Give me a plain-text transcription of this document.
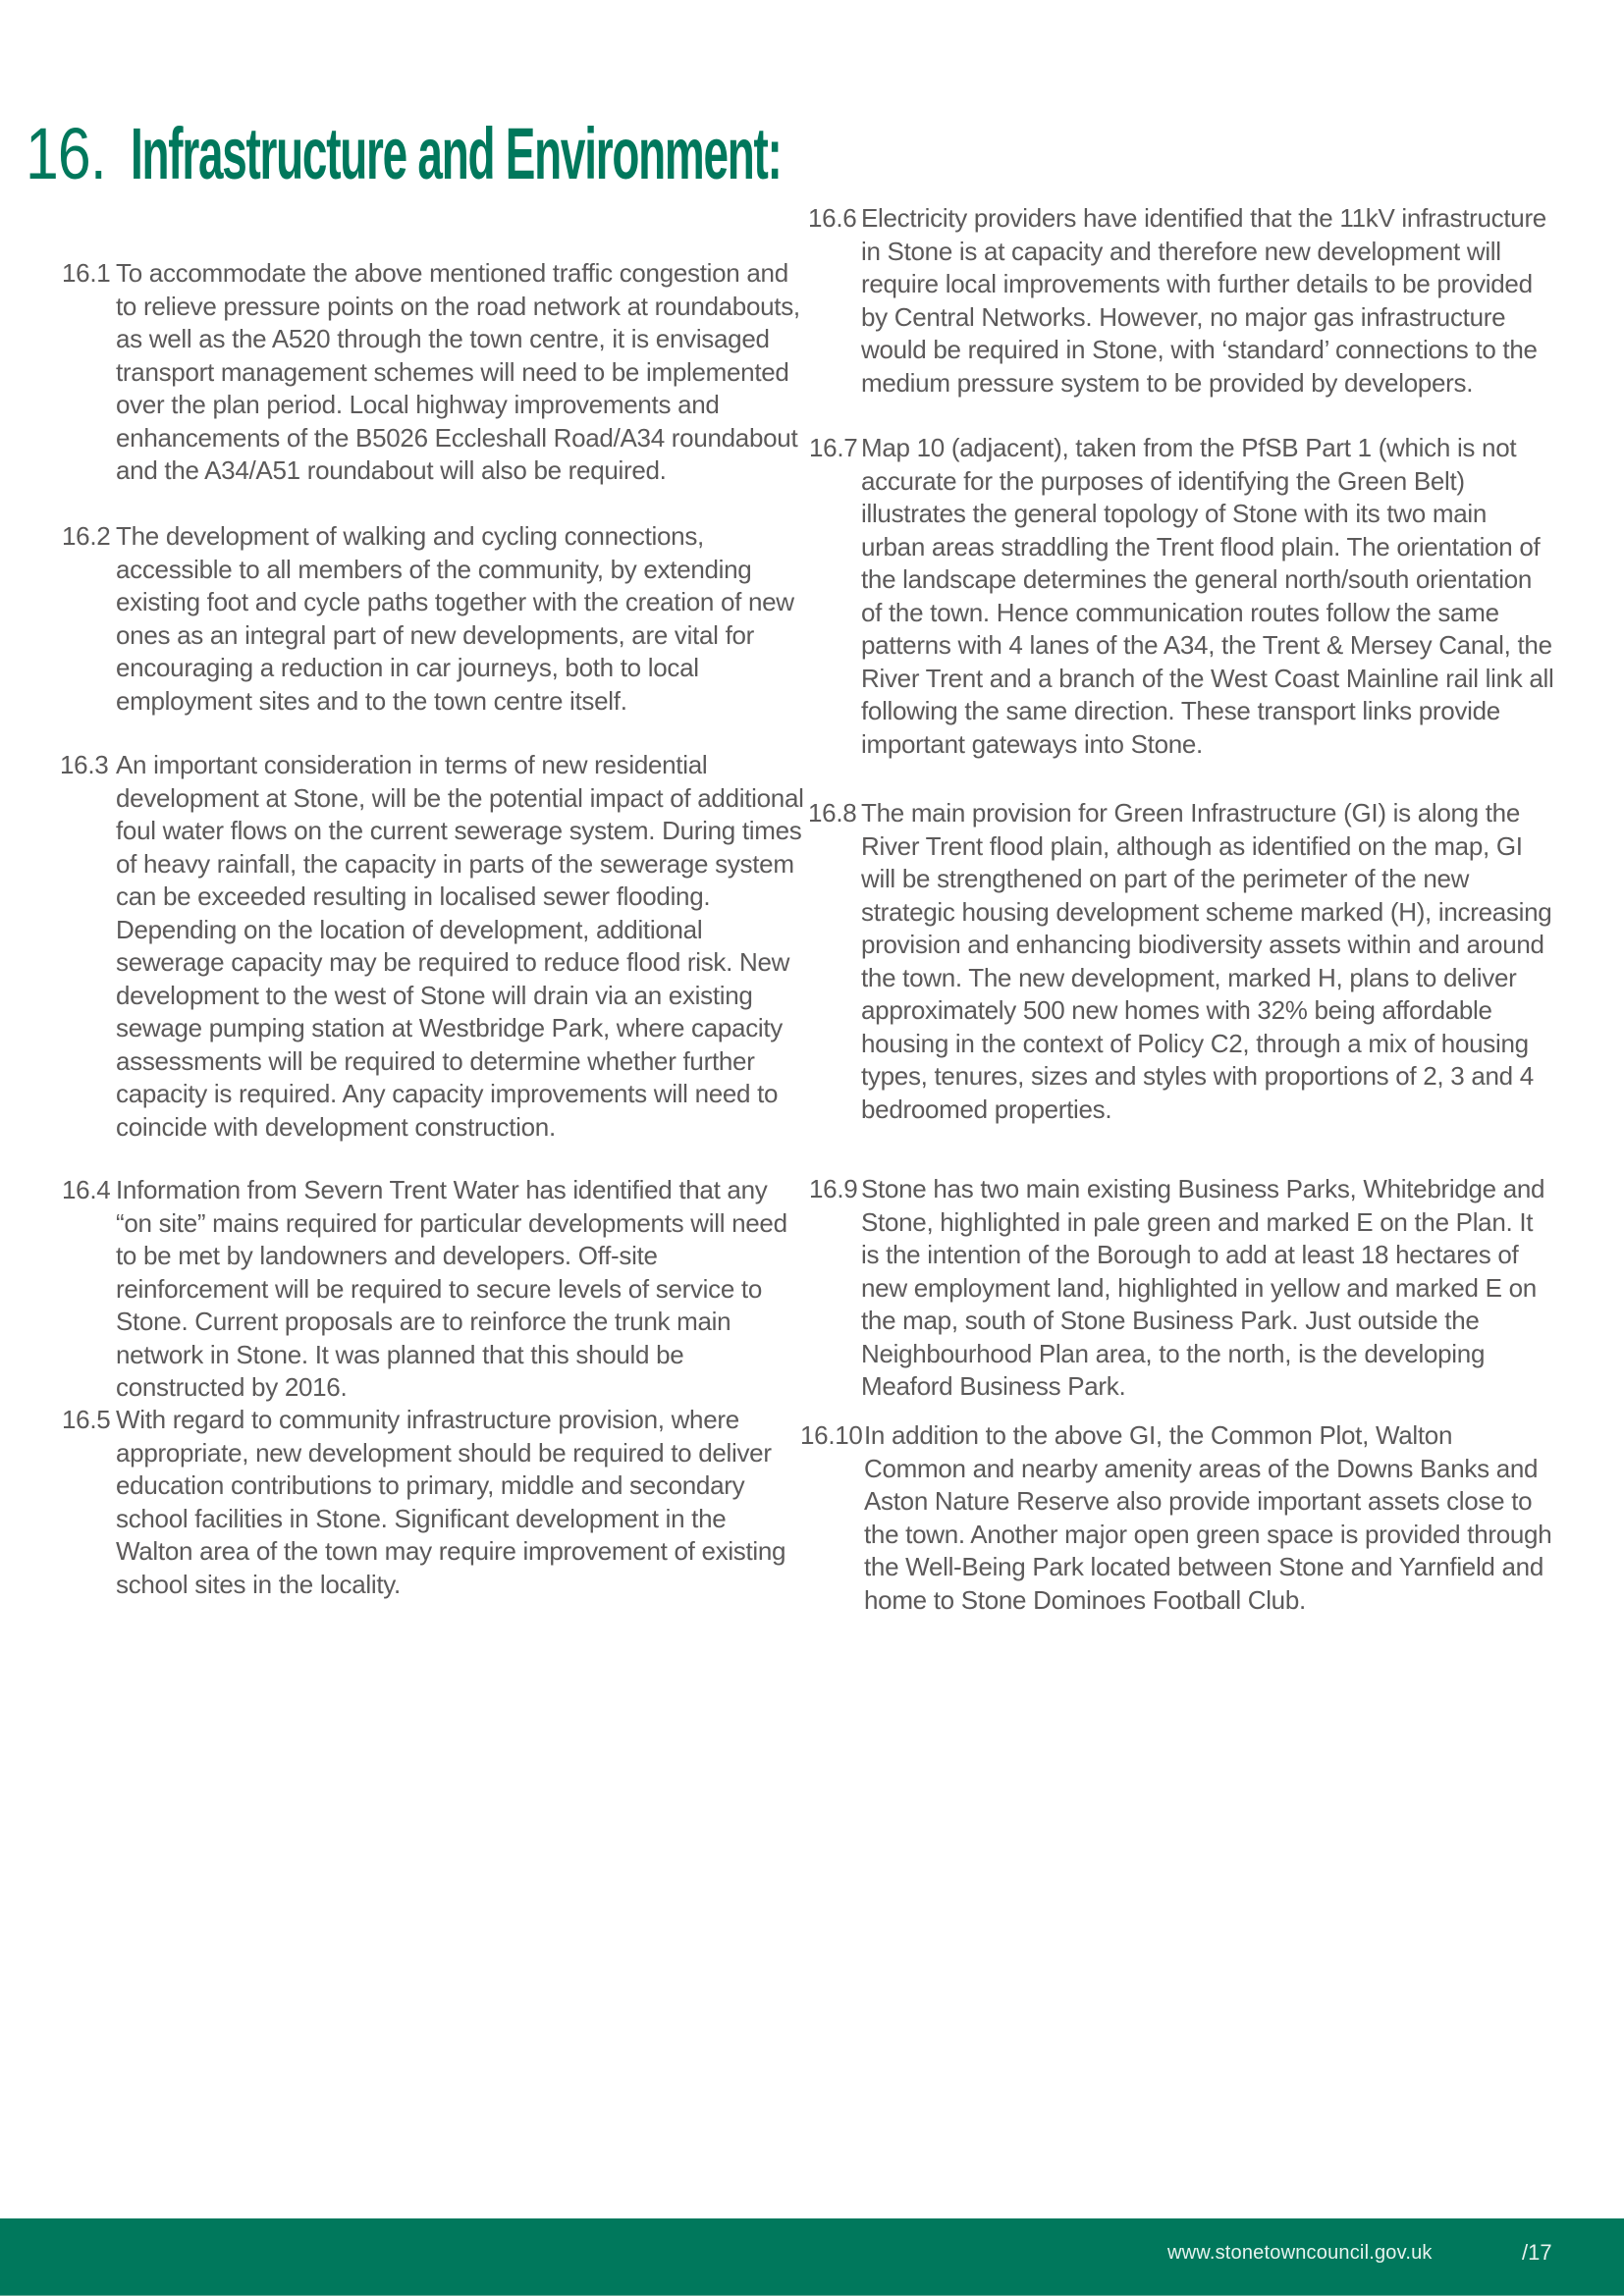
16. Infrastructure and Environment:
16.1 To accommodate the above mentioned traffic congestion and to relieve pressure points on the road network at roundabouts, as well as the A520 through the town centre, it is envisaged transport management schemes will need to be implemented over the plan period. Local highway improvements and enhancements of the B5026 Eccleshall Road/A34 roundabout and the A34/A51 roundabout will also be required.
16.2 The development of walking and cycling connections, accessible to all members of the community, by extending existing foot and cycle paths together with the creation of new ones as an integral part of new developments, are vital for encouraging a reduction in car journeys, both to local employment sites and to the town centre itself.
16.3 An important consideration in terms of new residential development at Stone, will be the potential impact of additional foul water flows on the current sewerage system. During times of heavy rainfall, the capacity in parts of the sewerage system can be exceeded resulting in localised sewer flooding. Depending on the location of development, additional sewerage capacity may be required to reduce flood risk. New development to the west of Stone will drain via an existing sewage pumping station at Westbridge Park, where capacity assessments will be required to determine whether further capacity is required. Any capacity improvements will need to coincide with development construction.
16.4 Information from Severn Trent Water has identified that any “on site” mains required for particular developments will need to be met by landowners and developers. Off-site reinforcement will be required to secure levels of service to Stone. Current proposals are to reinforce the trunk main network in Stone. It was planned that this should be constructed by 2016.
16.5 With regard to community infrastructure provision, where appropriate, new development should be required to deliver education contributions to primary, middle and secondary school facilities in Stone. Significant development in the Walton area of the town may require improvement of existing school sites in the locality.
16.6 Electricity providers have identified that the 11kV infrastructure in Stone is at capacity and therefore new development will require local improvements with further details to be provided by Central Networks. However, no major gas infrastructure would be required in Stone, with ‘standard’ connections to the medium pressure system to be provided by developers.
16.7 Map 10 (adjacent), taken from the PfSB Part 1 (which is not accurate for the purposes of identifying the Green Belt) illustrates the general topology of Stone with its two main urban areas straddling the Trent flood plain. The orientation of the landscape determines the general north/south orientation of the town. Hence communication routes follow the same patterns with 4 lanes of the A34, the Trent & Mersey Canal, the River Trent and a branch of the West Coast Mainline rail link all following the same direction. These transport links provide important gateways into Stone.
16.8 The main provision for Green Infrastructure (GI) is along the River Trent flood plain, although as identified on the map, GI will be strengthened on part of the perimeter of the new strategic housing development scheme marked (H), increasing provision and enhancing biodiversity assets within and around the town. The new development, marked H, plans to deliver approximately 500 new homes with 32% being affordable housing in the context of Policy C2, through a mix of housing types, tenures, sizes and styles with proportions of 2, 3 and 4 bedroomed properties.
16.9 Stone has two main existing Business Parks, Whitebridge and Stone, highlighted in pale green and marked E on the Plan. It is the intention of the Borough to add at least 18 hectares of new employment land, highlighted in yellow and marked E on the map, south of Stone Business Park. Just outside the Neighbourhood Plan area, to the north, is the developing Meaford Business Park.
16.10 In addition to the above GI, the Common Plot, Walton Common and nearby amenity areas of the Downs Banks and Aston Nature Reserve also provide important assets close to the town. Another major open green space is provided through the Well-Being Park located between Stone and Yarnfield and home to Stone Dominoes Football Club.
www.stonetowncouncil.gov.uk	/17
